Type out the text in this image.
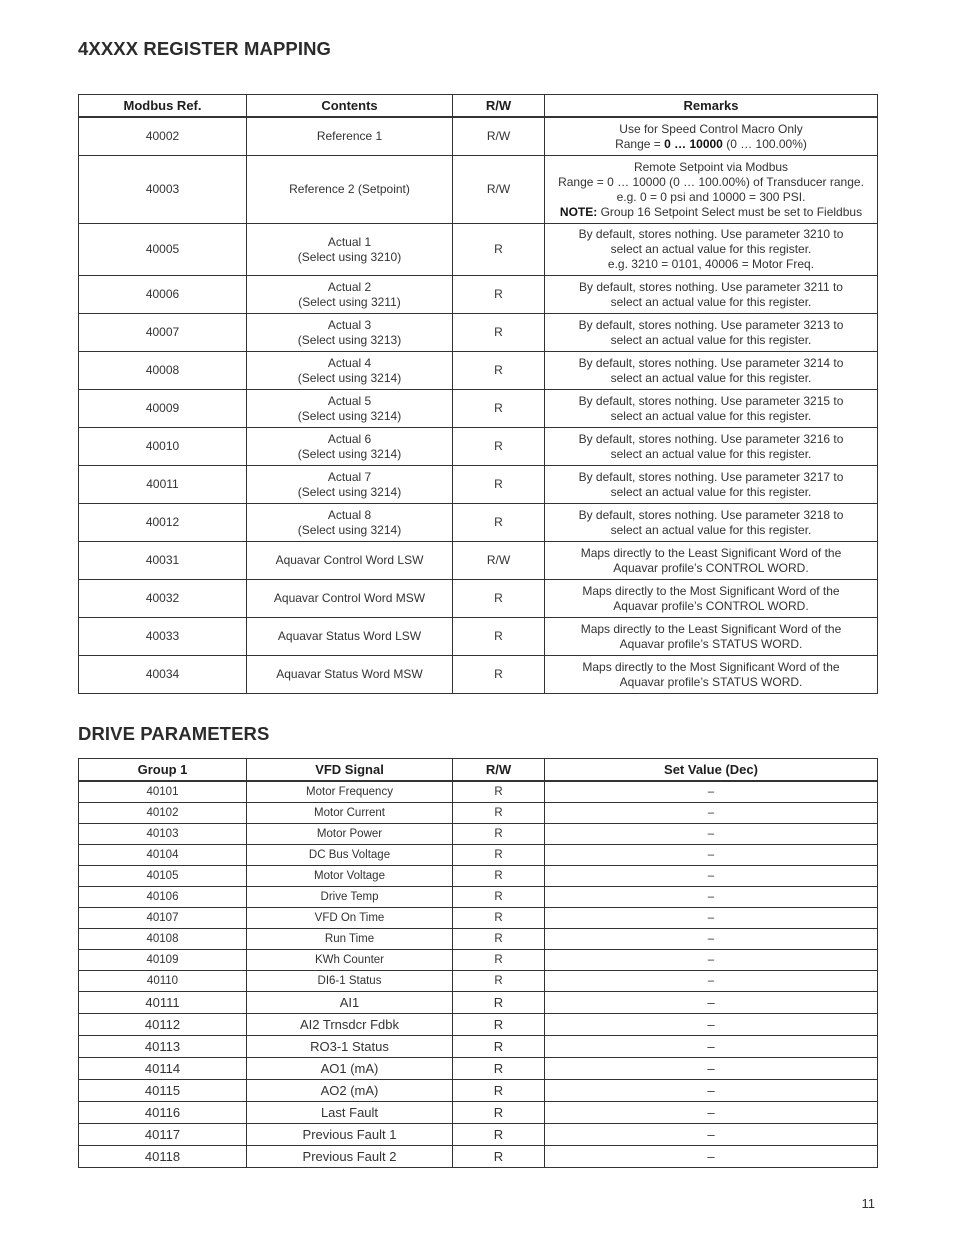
4XXXX REGISTER MAPPING
Modbus Ref.	Contents	R/W	Remarks
40002	Reference 1	R/W	Use for Speed Control Macro Only
Range = 0 … 10000 (0 … 100.00%)

40003	Reference 2 (Setpoint)	R/W	Remote Setpoint via Modbus
Range = 0 … 10000 (0 … 100.00%) of Transducer range.
e.g. 0 = 0 psi and 10000 = 300 PSI.
NOTE: Group 16 Setpoint Select must be set to Fieldbus

40005	Actual 1
(Select using 3210)	R	By default, stores nothing. Use parameter 3210 to
select an actual value for this register.
e.g. 3210 = 0101, 40006 = Motor Freq.

40006	Actual 2
(Select using 3211)	R	By default, stores nothing. Use parameter 3211 to
select an actual value for this register.

40007	Actual 3
(Select using 3213)	R	By default, stores nothing. Use parameter 3213 to
select an actual value for this register.

40008	Actual 4
(Select using 3214)	R	By default, stores nothing. Use parameter 3214 to
select an actual value for this register.

40009	Actual 5
(Select using 3214)	R	By default, stores nothing. Use parameter 3215 to
select an actual value for this register.

40010	Actual 6
(Select using 3214)	R	By default, stores nothing. Use parameter 3216 to
select an actual value for this register.

40011	Actual 7
(Select using 3214)	R	By default, stores nothing. Use parameter 3217 to
select an actual value for this register.

40012	Actual 8
(Select using 3214)	R	By default, stores nothing. Use parameter 3218 to
select an actual value for this register.

40031	Aquavar Control Word LSW	R/W	Maps directly to the Least Significant Word of the
Aquavar profile’s CONTROL WORD.

40032	Aquavar Control Word MSW	R	Maps directly to the Most Significant Word of the
Aquavar profile’s CONTROL WORD.

40033	Aquavar Status Word LSW	R	Maps directly to the Least Significant Word of the
Aquavar profile’s STATUS WORD.

40034	Aquavar Status Word MSW	R	Maps directly to the Most Significant Word of the
Aquavar profile’s STATUS WORD.
DRIVE PARAMETERS
Group 1	VFD Signal	R/W	Set Value (Dec)
40101	Motor Frequency	R	–
40102	Motor Current	R	–
40103	Motor Power	R	–
40104	DC Bus Voltage	R	–
40105	Motor Voltage	R	–
40106	Drive Temp	R	–
40107	VFD On Time	R	–
40108	Run Time	R	–
40109	KWh Counter	R	–
40110	DI6-1 Status	R	–
40111	AI1	R	–
40112	AI2 Trnsdcr Fdbk	R	–
40113	RO3-1 Status	R	–
40114	AO1 (mA)	R	–
40115	AO2 (mA)	R	–
40116	Last Fault	R	–
40117	Previous Fault 1	R	–
40118	Previous Fault 2	R	–
11
